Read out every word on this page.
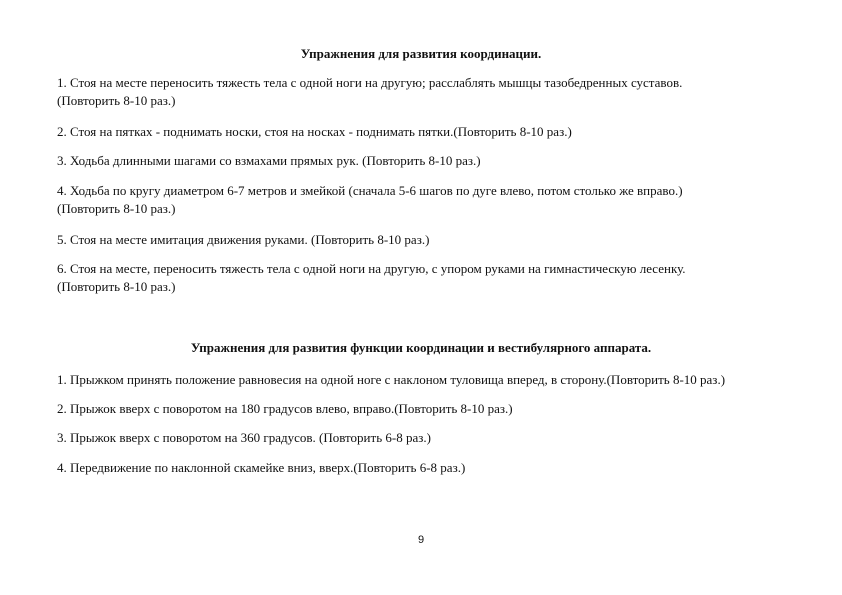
Упражнения для развития координации.
1. Стоя на месте переносить тяжесть тела с одной ноги на другую; расслаблять мышцы тазобедренных суставов.
(Повторить 8-10 раз.)
2. Стоя на пятках - поднимать носки, стоя на носках - поднимать пятки.(Повторить 8-10 раз.)
3. Ходьба длинными шагами со взмахами прямых рук. (Повторить 8-10 раз.)
4. Ходьба по кругу диаметром 6-7 метров и змейкой (сначала 5-6 шагов по дуге влево, потом столько же вправо.)
(Повторить 8-10 раз.)
5. Стоя на месте имитация движения руками. (Повторить 8-10 раз.)
6. Стоя на месте, переносить тяжесть тела с одной ноги на другую, с упором руками на гимнастическую лесенку.
(Повторить 8-10 раз.)
Упражнения для развития функции координации и вестибулярного аппарата.
1. Прыжком принять положение равновесия на одной ноге с наклоном туловища вперед, в сторону.(Повторить 8-10 раз.)
2. Прыжок вверх с поворотом на 180 градусов влево, вправо.(Повторить 8-10 раз.)
3. Прыжок вверх с поворотом на 360 градусов. (Повторить 6-8 раз.)
4. Передвижение по наклонной скамейке вниз, вверх.(Повторить 6-8 раз.)
9
